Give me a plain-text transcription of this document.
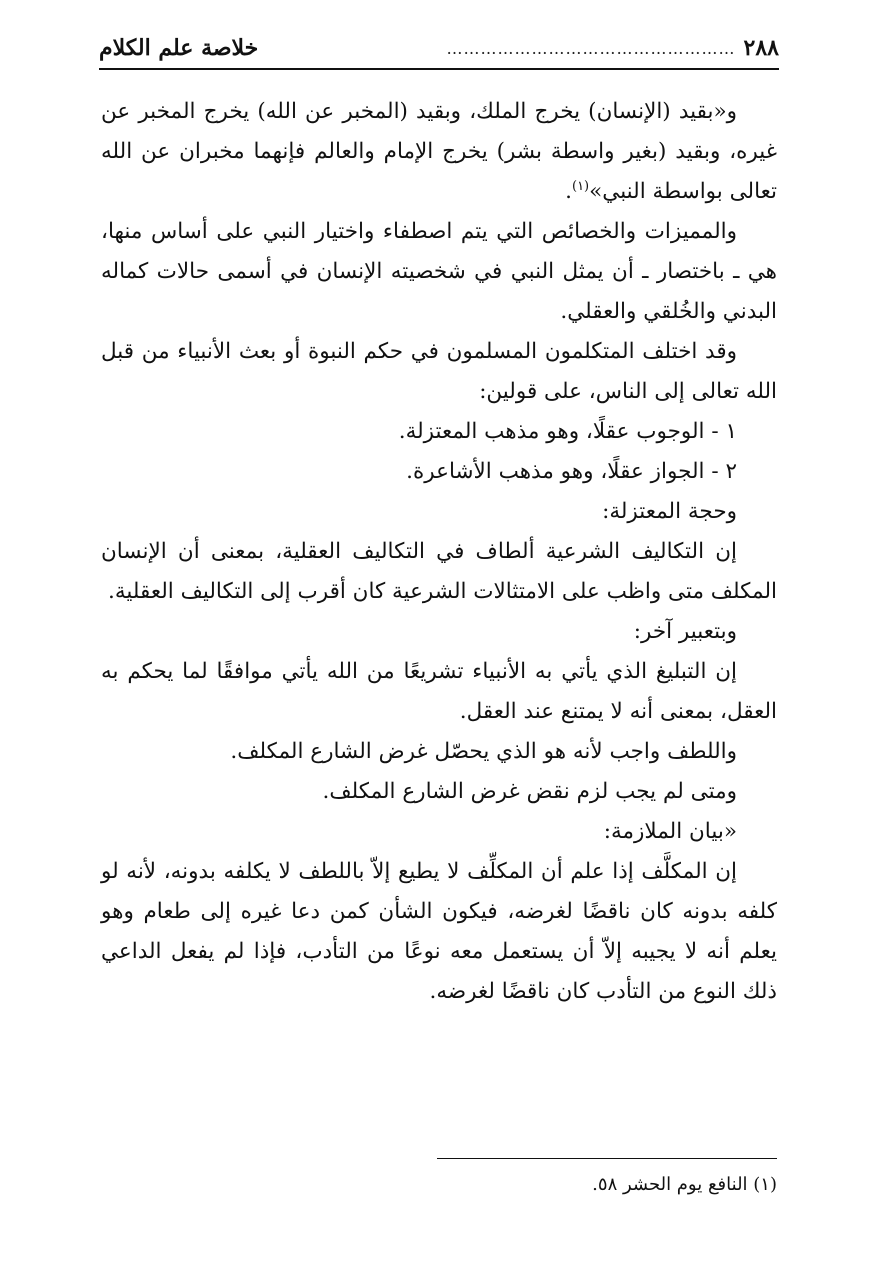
٢٨٨
……………………………………………
خلاصة علم الكلام

و«بقيد (الإنسان) يخرج الملك، وبقيد (المخبر عن الله) يخرج المخبر عن غيره، وبقيد (بغير واسطة بشر) يخرج الإمام والعالم فإنهما مخبران عن الله تعالى بواسطة النبي»$^{(١)}$.

والمميزات والخصائص التي يتم اصطفاء واختيار النبي على أساس منها، هي ـ باختصار ـ أن يمثل النبي في شخصيته الإنسان في أسمى حالات كماله البدني والخُلقي والعقلي.

وقد اختلف المتكلمون المسلمون في حكم النبوة أو بعث الأنبياء من قبل الله تعالى إلى الناس، على قولين:

١ - الوجوب عقلًا، وهو مذهب المعتزلة.

٢ - الجواز عقلًا، وهو مذهب الأشاعرة.

وحجة المعتزلة:

إن التكاليف الشرعية ألطاف في التكاليف العقلية، بمعنى أن الإنسان المكلف متى واظب على الامتثالات الشرعية كان أقرب إلى التكاليف العقلية.

وبتعبير آخر:

إن التبليغ الذي يأتي به الأنبياء تشريعًا من الله يأتي موافقًا لما يحكم به العقل، بمعنى أنه لا يمتنع عند العقل.

واللطف واجب لأنه هو الذي يحصّل غرض الشارع المكلف.

ومتى لم يجب لزم نقض غرض الشارع المكلف.

«بيان الملازمة:

إن المكلَّف إذا علم أن المكلِّف لا يطيع إلاّ باللطف لا يكلفه بدونه، لأنه لو كلفه بدونه كان ناقضًا لغرضه، فيكون الشأن كمن دعا غيره إلى طعام وهو يعلم أنه لا يجيبه إلاّ أن يستعمل معه نوعًا من التأدب، فإذا لم يفعل الداعي ذلك النوع من التأدب كان ناقضًا لغرضه.

(١) النافع يوم الحشر ٥٨.
